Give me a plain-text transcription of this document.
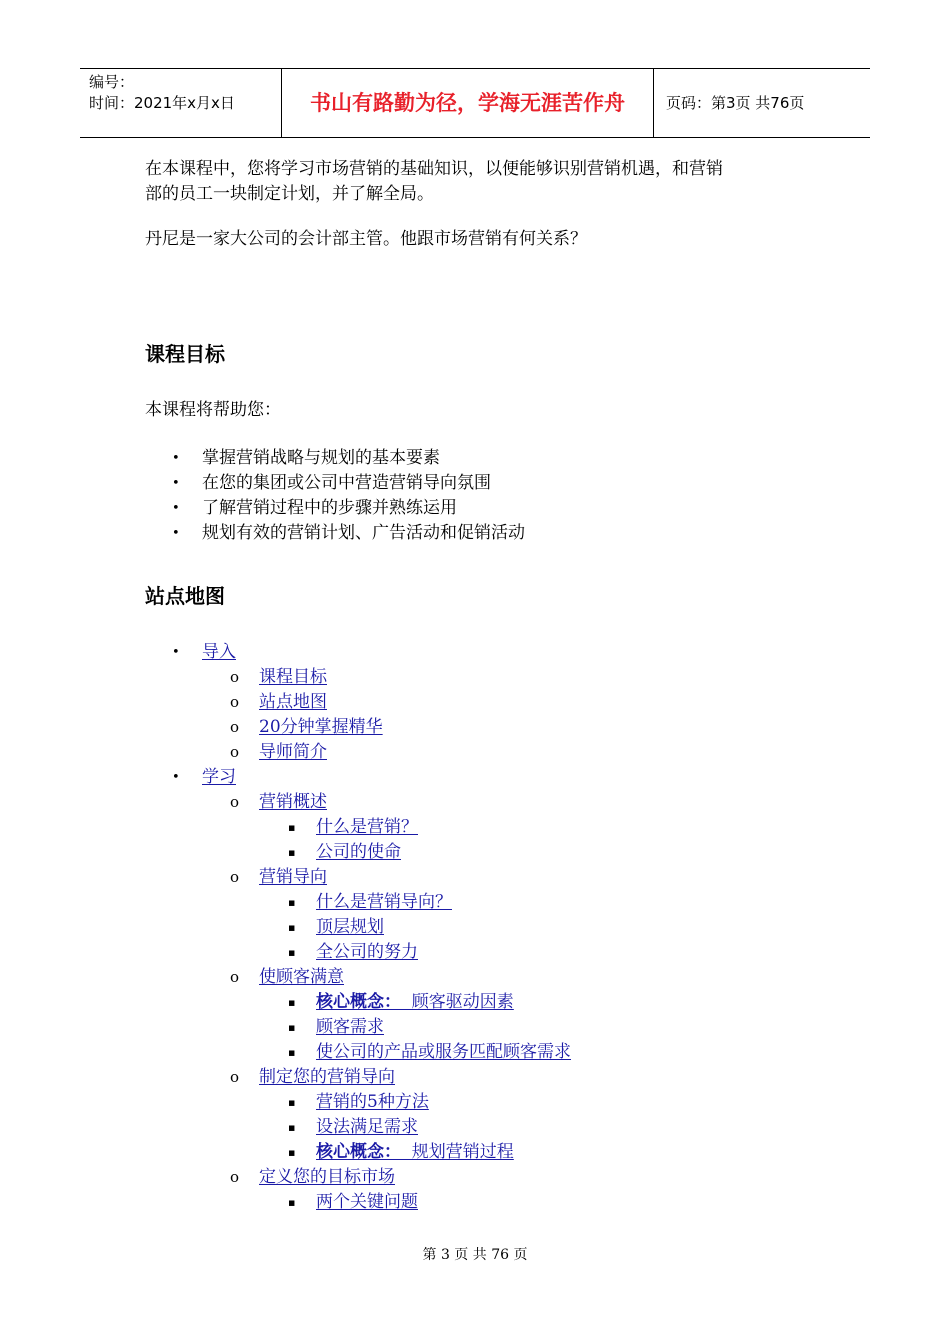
编号：
时间：2021年x月x日	书山有路勤为径，学海无涯苦作舟	页码：第3页 共76页

在本课程中，您将学习市场营销的基础知识，以便能够识别营销机遇，和营销
部的员工一块制定计划，并了解全局。

丹尼是一家大公司的会计部主管。他跟市场营销有何关系？

课程目标

本课程将帮助您：

• 掌握营销战略与规划的基本要素
• 在您的集团或公司中营造营销导向氛围
• 了解营销过程中的步骤并熟练运用
• 规划有效的营销计划、广告活动和促销活动
站点地图
• 导入
o 课程目标
o 站点地图
o 20分钟掌握精华
o 导师简介
• 学习
o 营销概述
▪ 什么是营销？
▪ 公司的使命
o 营销导向
▪ 什么是营销导向？
▪ 顶层规划
▪ 全公司的努力
o 使顾客满意
▪ 核心概念：  顾客驱动因素
▪ 顾客需求
▪ 使公司的产品或服务匹配顾客需求
o 制定您的营销导向
▪ 营销的5种方法
▪ 设法满足需求
▪ 核心概念：  规划营销过程
o 定义您的目标市场
▪ 两个关键问题
第 3 页 共 76 页
